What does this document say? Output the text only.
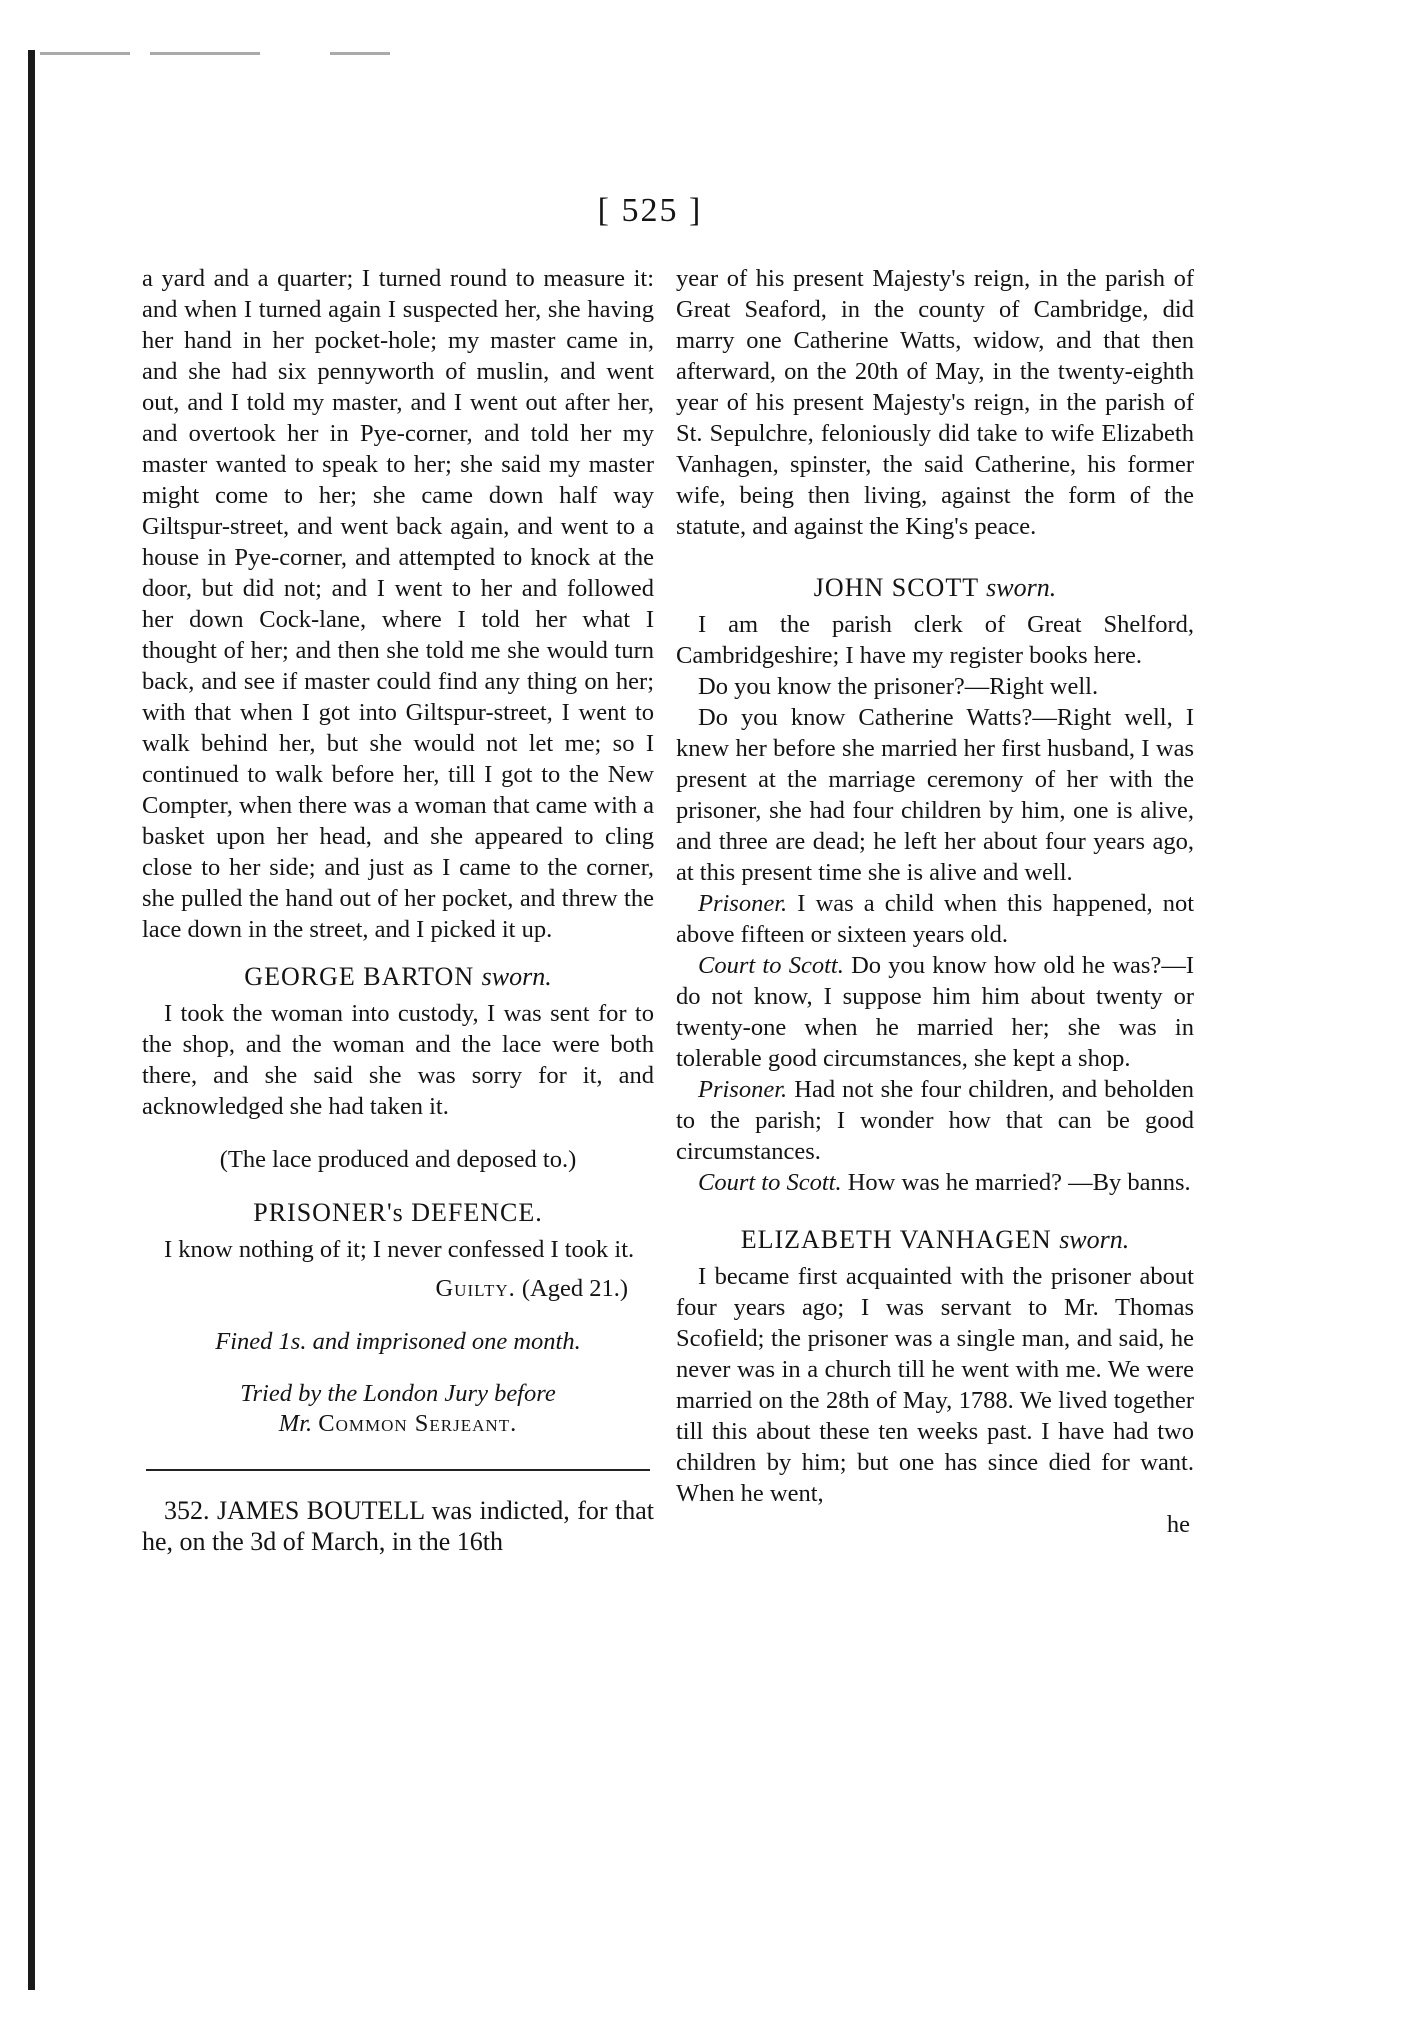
[ 525 ]

a yard and a quarter; I turned round to measure it: and when I turned again I suspected her, she having her hand in her pocket-hole; my master came in, and she had six pennyworth of muslin, and went out, and I told my master, and I went out after her, and overtook her in Pye-corner, and told her my master wanted to speak to her; she said my master might come to her; she came down half way Giltspur-street, and went back again, and went to a house in Pye-corner, and attempted to knock at the door, but did not; and I went to her and followed her down Cock-lane, where I told her what I thought of her; and then she told me she would turn back, and see if master could find any thing on her; with that when I got into Giltspur-street, I went to walk behind her, but she would not let me; so I continued to walk before her, till I got to the New Compter, when there was a woman that came with a basket upon her head, and she appeared to cling close to her side; and just as I came to the corner, she pulled the hand out of her pocket, and threw the lace down in the street, and I picked it up.

GEORGE BARTON sworn.

I took the woman into custody, I was sent for to the shop, and the woman and the lace were both there, and she said she was sorry for it, and acknowledged she had taken it.

(The lace produced and deposed to.)

PRISONER's DEFENCE.

I know nothing of it; I never confessed I took it.

Guilty. (Aged 21.)

Fined 1s. and imprisoned one month.

Tried by the London Jury before
Mr. Common Serjeant.

352. JAMES BOUTELL was indicted, for that he, on the 3d of March, in the 16th

year of his present Majesty's reign, in the parish of Great Seaford, in the county of Cambridge, did marry one Catherine Watts, widow, and that then afterward, on the 20th of May, in the twenty-eighth year of his present Majesty's reign, in the parish of St. Sepulchre, feloniously did take to wife Elizabeth Vanhagen, spinster, the said Catherine, his former wife, being then living, against the form of the statute, and against the King's peace.

JOHN SCOTT sworn.

I am the parish clerk of Great Shelford, Cambridgeshire; I have my register books here.

Do you know the prisoner?—Right well.

Do you know Catherine Watts?—Right well, I knew her before she married her first husband, I was present at the marriage ceremony of her with the prisoner, she had four children by him, one is alive, and three are dead; he left her about four years ago, at this present time she is alive and well.

Prisoner. I was a child when this happened, not above fifteen or sixteen years old.

Court to Scott. Do you know how old he was?—I do not know, I suppose him him about twenty or twenty-one when he married her; she was in tolerable good circumstances, she kept a shop.

Prisoner. Had not she four children, and beholden to the parish; I wonder how that can be good circumstances.

Court to Scott. How was he married? —By banns.

ELIZABETH VANHAGEN sworn.

I became first acquainted with the prisoner about four years ago; I was servant to Mr. Thomas Scofield; the prisoner was a single man, and said, he never was in a church till he went with me. We were married on the 28th of May, 1788. We lived together till this about these ten weeks past. I have had two children by him; but one has since died for want. When he went,

he
